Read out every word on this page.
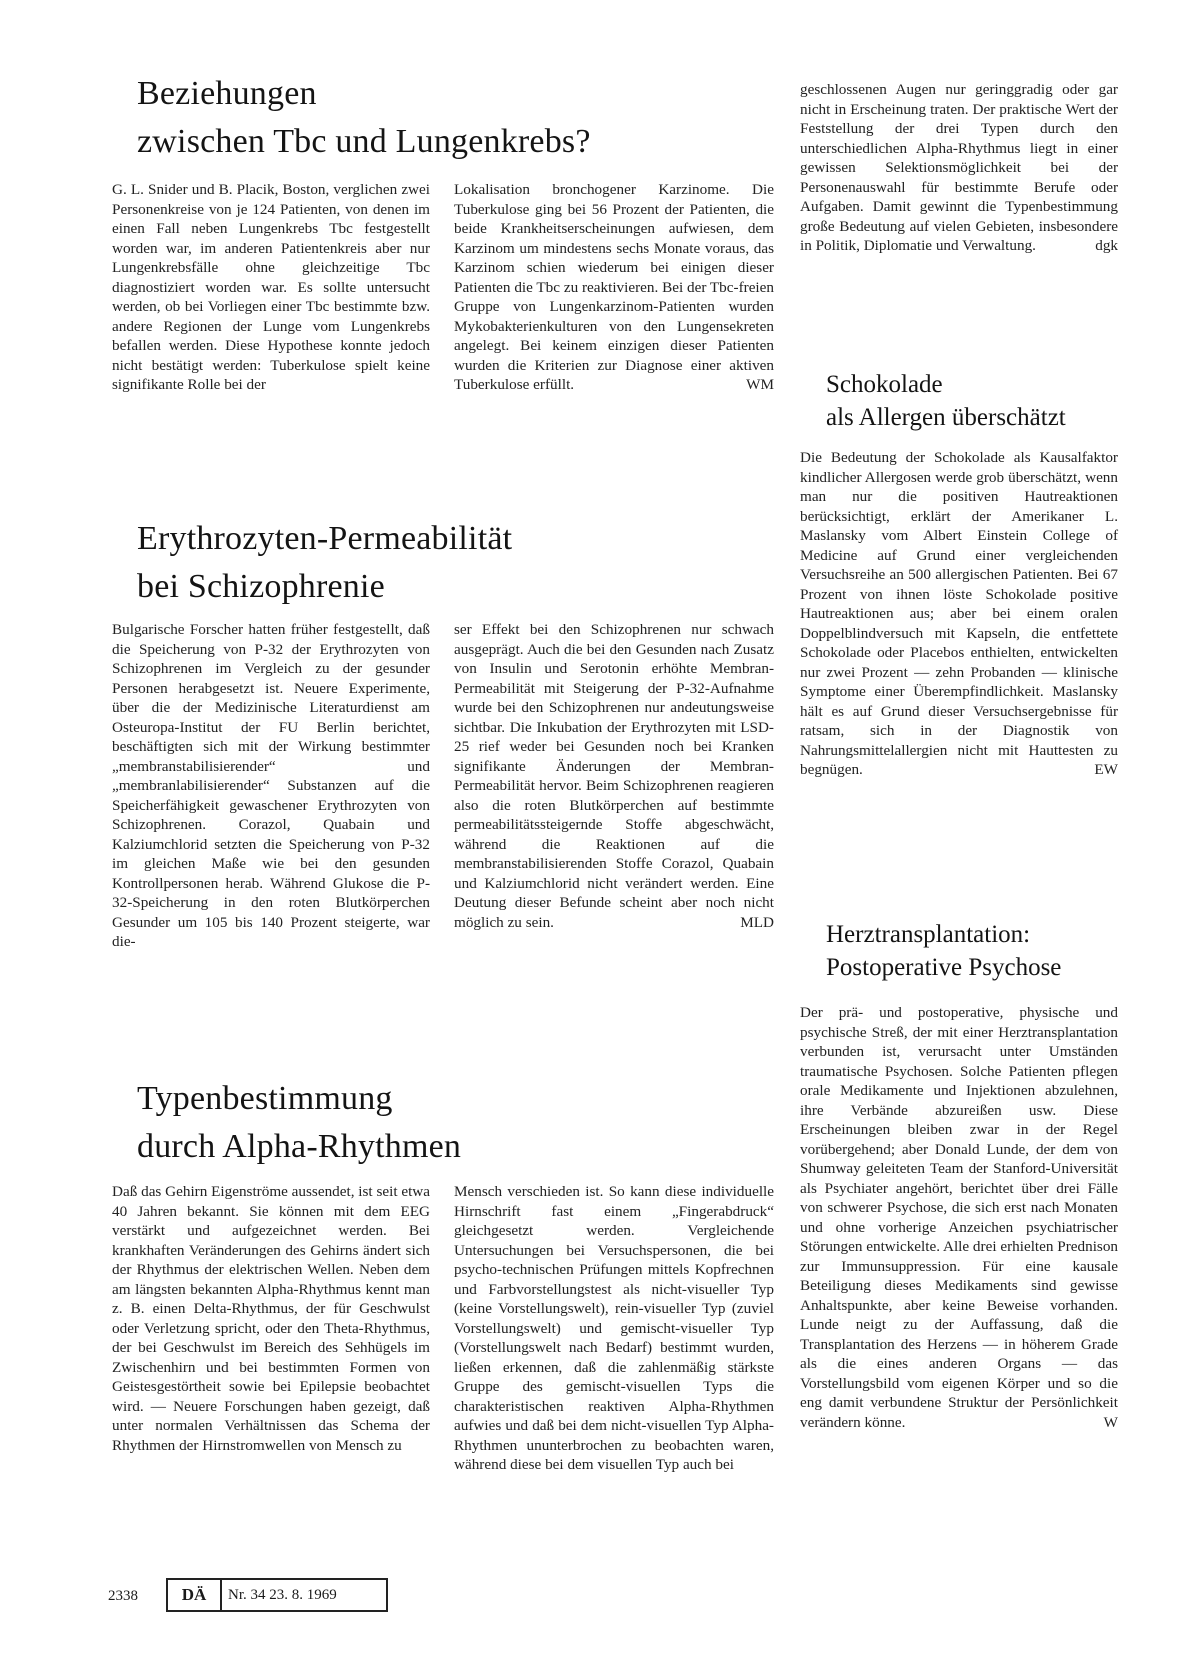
Beziehungen
zwischen Tbc und Lungenkrebs?

G. L. Snider und B. Placik, Boston, verglichen zwei Personenkreise von je 124 Patienten, von denen im einen Fall neben Lungenkrebs Tbc festgestellt worden war, im anderen Patientenkreis aber nur Lungenkrebsfälle ohne gleichzeitige Tbc diagnostiziert worden war. Es sollte untersucht werden, ob bei Vorliegen einer Tbc bestimmte bzw. andere Regionen der Lunge vom Lungenkrebs befallen werden. Diese Hypothese konnte jedoch nicht bestätigt werden: Tuberkulose spielt keine signifikante Rolle bei der

Lokalisation bronchogener Karzinome. Die Tuberkulose ging bei 56 Prozent der Patienten, die beide Krankheitserscheinungen aufwiesen, dem Karzinom um mindestens sechs Monate voraus, das Karzinom schien wiederum bei einigen dieser Patienten die Tbc zu reaktivieren. Bei der Tbc-freien Gruppe von Lungenkarzinom-Patienten wurden Mykobakterienkulturen von den Lungensekreten angelegt. Bei keinem einzigen dieser Patienten wurden die Kriterien zur Diagnose einer aktiven Tuberkulose erfüllt.	WM

Erythrozyten-Permeabilität
bei Schizophrenie

Bulgarische Forscher hatten früher festgestellt, daß die Speicherung von P-32 der Erythrozyten von Schizophrenen im Vergleich zu der gesunder Personen herabgesetzt ist. Neuere Experimente, über die der Medizinische Literaturdienst am Osteuropa-Institut der FU Berlin berichtet, beschäftigten sich mit der Wirkung bestimmter „membranstabilisierender“ und „membranlabilisierender“ Substanzen auf die Speicherfähigkeit gewaschener Erythrozyten von Schizophrenen. Corazol, Quabain und Kalziumchlorid setzten die Speicherung von P-32 im gleichen Maße wie bei den gesunden Kontrollpersonen herab. Während Glukose die P-32-Speicherung in den roten Blutkörperchen Gesunder um 105 bis 140 Prozent steigerte, war die-

ser Effekt bei den Schizophrenen nur schwach ausgeprägt. Auch die bei den Gesunden nach Zusatz von Insulin und Serotonin erhöhte Membran-Permeabilität mit Steigerung der P-32-Aufnahme wurde bei den Schizophrenen nur andeutungsweise sichtbar. Die Inkubation der Erythrozyten mit LSD-25 rief weder bei Gesunden noch bei Kranken signifikante Änderungen der Membran-Permeabilität hervor. Beim Schizophrenen reagieren also die roten Blutkörperchen auf bestimmte permeabilitätssteigernde Stoffe abgeschwächt, während die Reaktionen auf die membranstabilisierenden Stoffe Corazol, Quabain und Kalziumchlorid nicht verändert werden. Eine Deutung dieser Befunde scheint aber noch nicht möglich zu sein.	MLD

Typenbestimmung
durch Alpha-Rhythmen

Daß das Gehirn Eigenströme aussendet, ist seit etwa 40 Jahren bekannt. Sie können mit dem EEG verstärkt und aufgezeichnet werden. Bei krankhaften Veränderungen des Gehirns ändert sich der Rhythmus der elektrischen Wellen. Neben dem am längsten bekannten Alpha-Rhythmus kennt man z. B. einen Delta-Rhythmus, der für Geschwulst oder Verletzung spricht, oder den Theta-Rhythmus, der bei Geschwulst im Bereich des Sehhügels im Zwischenhirn und bei bestimmten Formen von Geistesgestörtheit sowie bei Epilepsie beobachtet wird. — Neuere Forschungen haben gezeigt, daß unter normalen Verhältnissen das Schema der Rhythmen der Hirnstromwellen von Mensch zu

Mensch verschieden ist. So kann diese individuelle Hirnschrift fast einem „Fingerabdruck“ gleichgesetzt werden. Vergleichende Untersuchungen bei Versuchspersonen, die bei psycho-technischen Prüfungen mittels Kopfrechnen und Farbvorstellungstest als nicht-visueller Typ (keine Vorstellungswelt), rein-visueller Typ (zuviel Vorstellungswelt) und gemischt-visueller Typ (Vorstellungswelt nach Bedarf) bestimmt wurden, ließen erkennen, daß die zahlenmäßig stärkste Gruppe des gemischt-visuellen Typs die charakteristischen reaktiven Alpha-Rhythmen aufwies und daß bei dem nicht-visuellen Typ Alpha-Rhythmen ununterbrochen zu beobachten waren, während diese bei dem visuellen Typ auch bei

geschlossenen Augen nur geringgradig oder gar nicht in Erscheinung traten. Der praktische Wert der Feststellung der drei Typen durch den unterschiedlichen Alpha-Rhythmus liegt in einer gewissen Selektionsmöglichkeit bei der Personenauswahl für bestimmte Berufe oder Aufgaben. Damit gewinnt die Typenbestimmung große Bedeutung auf vielen Gebieten, insbesondere in Politik, Diplomatie und Verwaltung.	dgk

Schokolade
als Allergen überschätzt

Die Bedeutung der Schokolade als Kausalfaktor kindlicher Allergosen werde grob überschätzt, wenn man nur die positiven Hautreaktionen berücksichtigt, erklärt der Amerikaner L. Maslansky vom Albert Einstein College of Medicine auf Grund einer vergleichenden Versuchsreihe an 500 allergischen Patienten. Bei 67 Prozent von ihnen löste Schokolade positive Hautreaktionen aus; aber bei einem oralen Doppelblindversuch mit Kapseln, die entfettete Schokolade oder Placebos enthielten, entwickelten nur zwei Prozent — zehn Probanden — klinische Symptome einer Überempfindlichkeit. Maslansky hält es auf Grund dieser Versuchsergebnisse für ratsam, sich in der Diagnostik von Nahrungsmittelallergien nicht mit Hauttesten zu begnügen.	EW

Herztransplantation:
Postoperative Psychose

Der prä- und postoperative, physische und psychische Streß, der mit einer Herztransplantation verbunden ist, verursacht unter Umständen traumatische Psychosen. Solche Patienten pflegen orale Medikamente und Injektionen abzulehnen, ihre Verbände abzureißen usw. Diese Erscheinungen bleiben zwar in der Regel vorübergehend; aber Donald Lunde, der dem von Shumway geleiteten Team der Stanford-Universität als Psychiater angehört, berichtet über drei Fälle von schwerer Psychose, die sich erst nach Monaten und ohne vorherige Anzeichen psychiatrischer Störungen entwickelte. Alle drei erhielten Prednison zur Immunsuppression. Für eine kausale Beteiligung dieses Medikaments sind gewisse Anhaltspunkte, aber keine Beweise vorhanden. Lunde neigt zu der Auffassung, daß die Transplantation des Herzens — in höherem Grade als die eines anderen Organs — das Vorstellungsbild vom eigenen Körper und so die eng damit verbundene Struktur der Persönlichkeit verändern könne.	W

2338	DÄ	Nr. 34 23. 8. 1969
